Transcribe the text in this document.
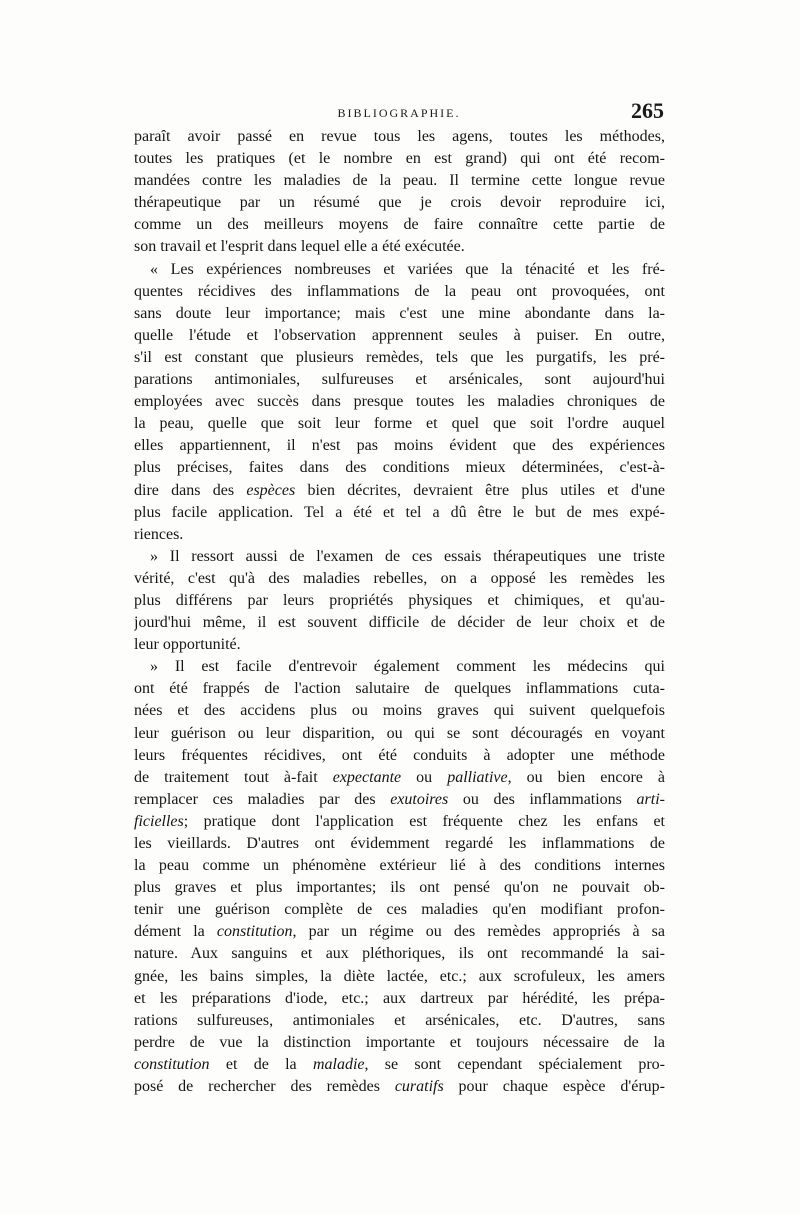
BIBLIOGRAPHIE.	265
paraît avoir passé en revue tous les agens, toutes les méthodes,
toutes les pratiques (et le nombre en est grand) qui ont été recom-
mandées contre les maladies de la peau. Il termine cette longue revue
thérapeutique par un résumé que je crois devoir reproduire ici,
comme un des meilleurs moyens de faire connaître cette partie de
son travail et l'esprit dans lequel elle a été exécutée.
« Les expériences nombreuses et variées que la ténacité et les fré-
quentes récidives des inflammations de la peau ont provoquées, ont
sans doute leur importance; mais c'est une mine abondante dans la-
quelle l'étude et l'observation apprennent seules à puiser. En outre,
s'il est constant que plusieurs remèdes, tels que les purgatifs, les pré-
parations antimoniales, sulfureuses et arsénicales, sont aujourd'hui
employées avec succès dans presque toutes les maladies chroniques de
la peau, quelle que soit leur forme et quel que soit l'ordre auquel
elles appartiennent, il n'est pas moins évident que des expériences
plus précises, faites dans des conditions mieux déterminées, c'est-à-
dire dans des espèces bien décrites, devraient être plus utiles et d'une
plus facile application. Tel a été et tel a dû être le but de mes expé-
riences.
» Il ressort aussi de l'examen de ces essais thérapeutiques une triste
vérité, c'est qu'à des maladies rebelles, on a opposé les remèdes les
plus différens par leurs propriétés physiques et chimiques, et qu'au-
jourd'hui même, il est souvent difficile de décider de leur choix et de
leur opportunité.
» Il est facile d'entrevoir également comment les médecins qui
ont été frappés de l'action salutaire de quelques inflammations cuta-
nées et des accidens plus ou moins graves qui suivent quelquefois
leur guérison ou leur disparition, ou qui se sont découragés en voyant
leurs fréquentes récidives, ont été conduits à adopter une méthode
de traitement tout à-fait expectante ou palliative, ou bien encore à
remplacer ces maladies par des exutoires ou des inflammations arti-
ficielles; pratique dont l'application est fréquente chez les enfans et
les vieillards. D'autres ont évidemment regardé les inflammations de
la peau comme un phénomène extérieur lié à des conditions internes
plus graves et plus importantes; ils ont pensé qu'on ne pouvait ob-
tenir une guérison complète de ces maladies qu'en modifiant profon-
dément la constitution, par un régime ou des remèdes appropriés à sa
nature. Aux sanguins et aux pléthoriques, ils ont recommandé la sai-
gnée, les bains simples, la diète lactée, etc.; aux scrofuleux, les amers
et les préparations d'iode, etc.; aux dartreux par hérédité, les prépa-
rations sulfureuses, antimoniales et arsénicales, etc. D'autres, sans
perdre de vue la distinction importante et toujours nécessaire de la
constitution et de la maladie, se sont cependant spécialement pro-
posé de rechercher des remèdes curatifs pour chaque espèce d'érup-
